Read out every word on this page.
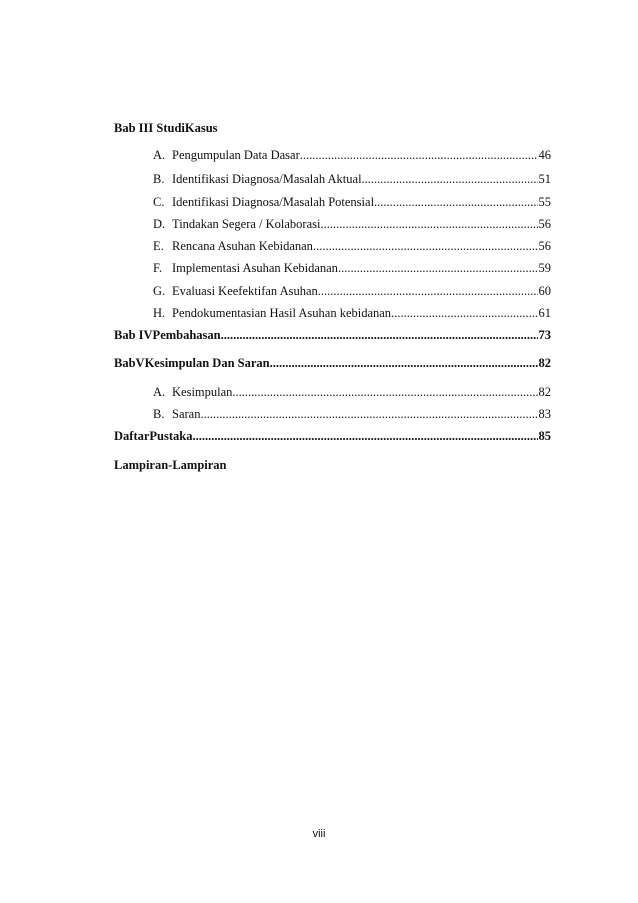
Bab III StudiKasus
A. Pengumpulan Data Dasar .....	46
B. Identifikasi Diagnosa/Masalah Aktual .....	51
C. Identifikasi Diagnosa/Masalah Potensial .....	55
D. Tindakan Segera / Kolaborasi .....	56
E. Rencana Asuhan Kebidanan .....	56
F. Implementasi Asuhan Kebidanan .....	59
G. Evaluasi Keefektifan Asuhan .....	60
H. Pendokumentasian Hasil Asuhan kebidanan .....	61
Bab IVPembahasan .....	73
BabVKesimpulan Dan Saran .....	82
A. Kesimpulan .....	82
B. Saran .....	83
DaftarPustaka .....	85
Lampiran-Lampiran
viii
